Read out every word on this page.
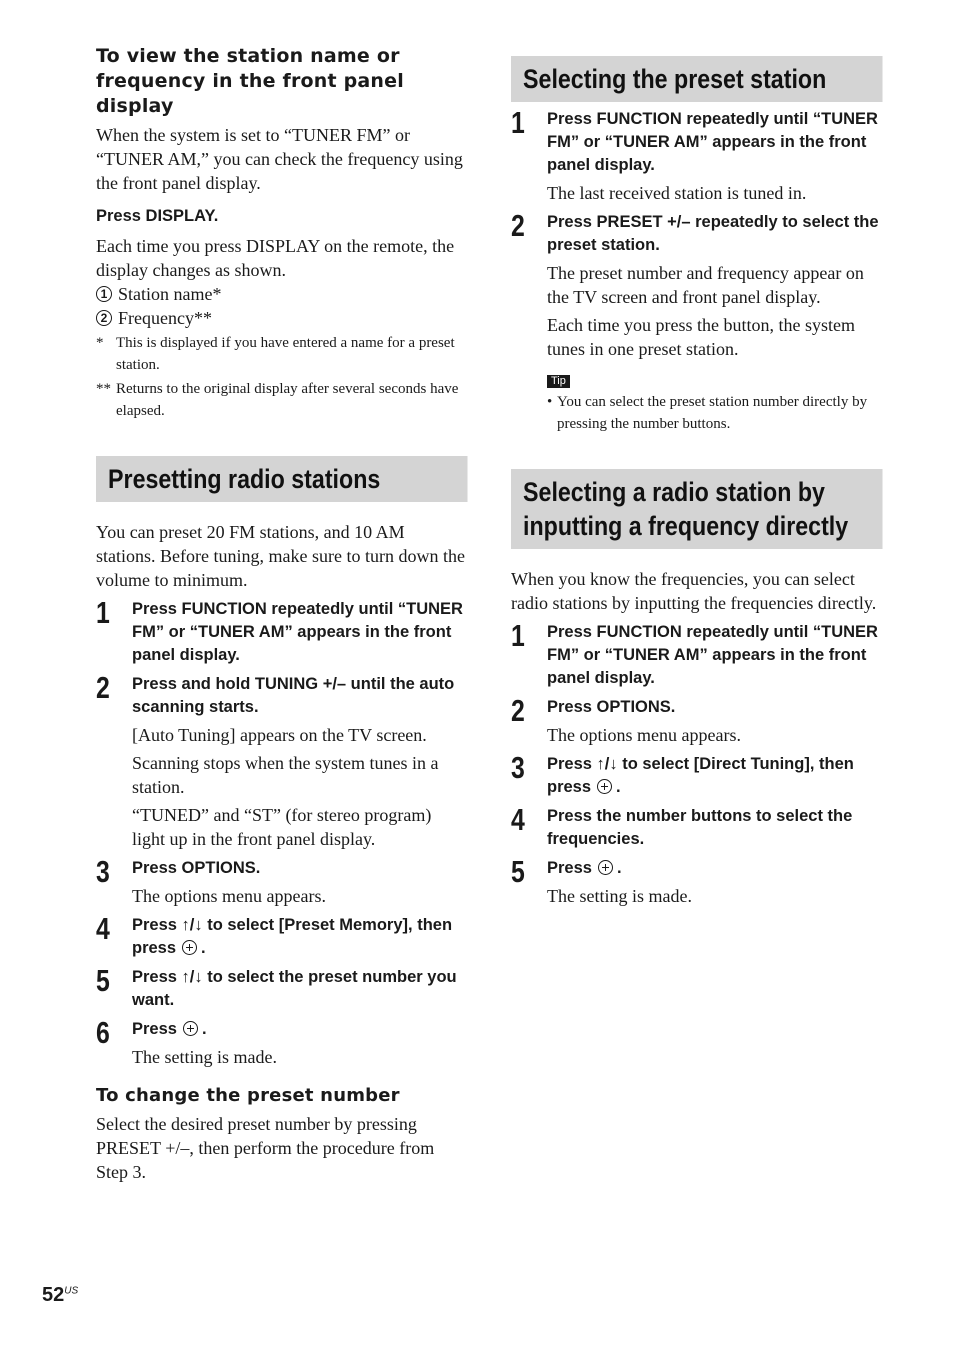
To view the station name or frequency in the front panel display

When the system is set to “TUNER FM” or “TUNER AM,” you can check the frequency using the front panel display.

Press DISPLAY.

Each time you press DISPLAY on the remote, the display changes as shown.

1 Station name*
2 Frequency**
* This is displayed if you have entered a name for a preset station.
** Returns to the original display after several seconds have elapsed.
Presetting radio stations

You can preset 20 FM stations, and 10 AM stations. Before tuning, make sure to turn down the volume to minimum.

1	Press FUNCTION repeatedly until “TUNER FM” or “TUNER AM” appears in the front panel display.
2	Press and hold TUNING +/– until the auto scanning starts.
[Auto Tuning] appears on the TV screen.
Scanning stops when the system tunes in a station.
“TUNED” and “ST” (for stereo program) light up in the front panel display.
3	Press OPTIONS.
The options menu appears.
4	Press ↑/↓ to select [Preset Memory], then press .
5	Press ↑/↓ to select the preset number you want.
6	Press .
The setting is made.
To change the preset number

Select the desired preset number by pressing PRESET +/–, then perform the procedure from Step 3.

Selecting the preset station
1	Press FUNCTION repeatedly until “TUNER FM” or “TUNER AM” appears in the front panel display.
The last received station is tuned in.
2	Press PRESET +/– repeatedly to select the preset station.
The preset number and frequency appear on the TV screen and front panel display.
Each time you press the button, the system tunes in one preset station.
Tip
• You can select the preset station number directly by pressing the number buttons.
Selecting a radio station by inputting a frequency directly

When you know the frequencies, you can select radio stations by inputting the frequencies directly.

1	Press FUNCTION repeatedly until “TUNER FM” or “TUNER AM” appears in the front panel display.
2	Press OPTIONS.
The options menu appears.
3	Press ↑/↓ to select [Direct Tuning], then press .
4	Press the number buttons to select the frequencies.
5	Press .
The setting is made.
$52^{US}$
